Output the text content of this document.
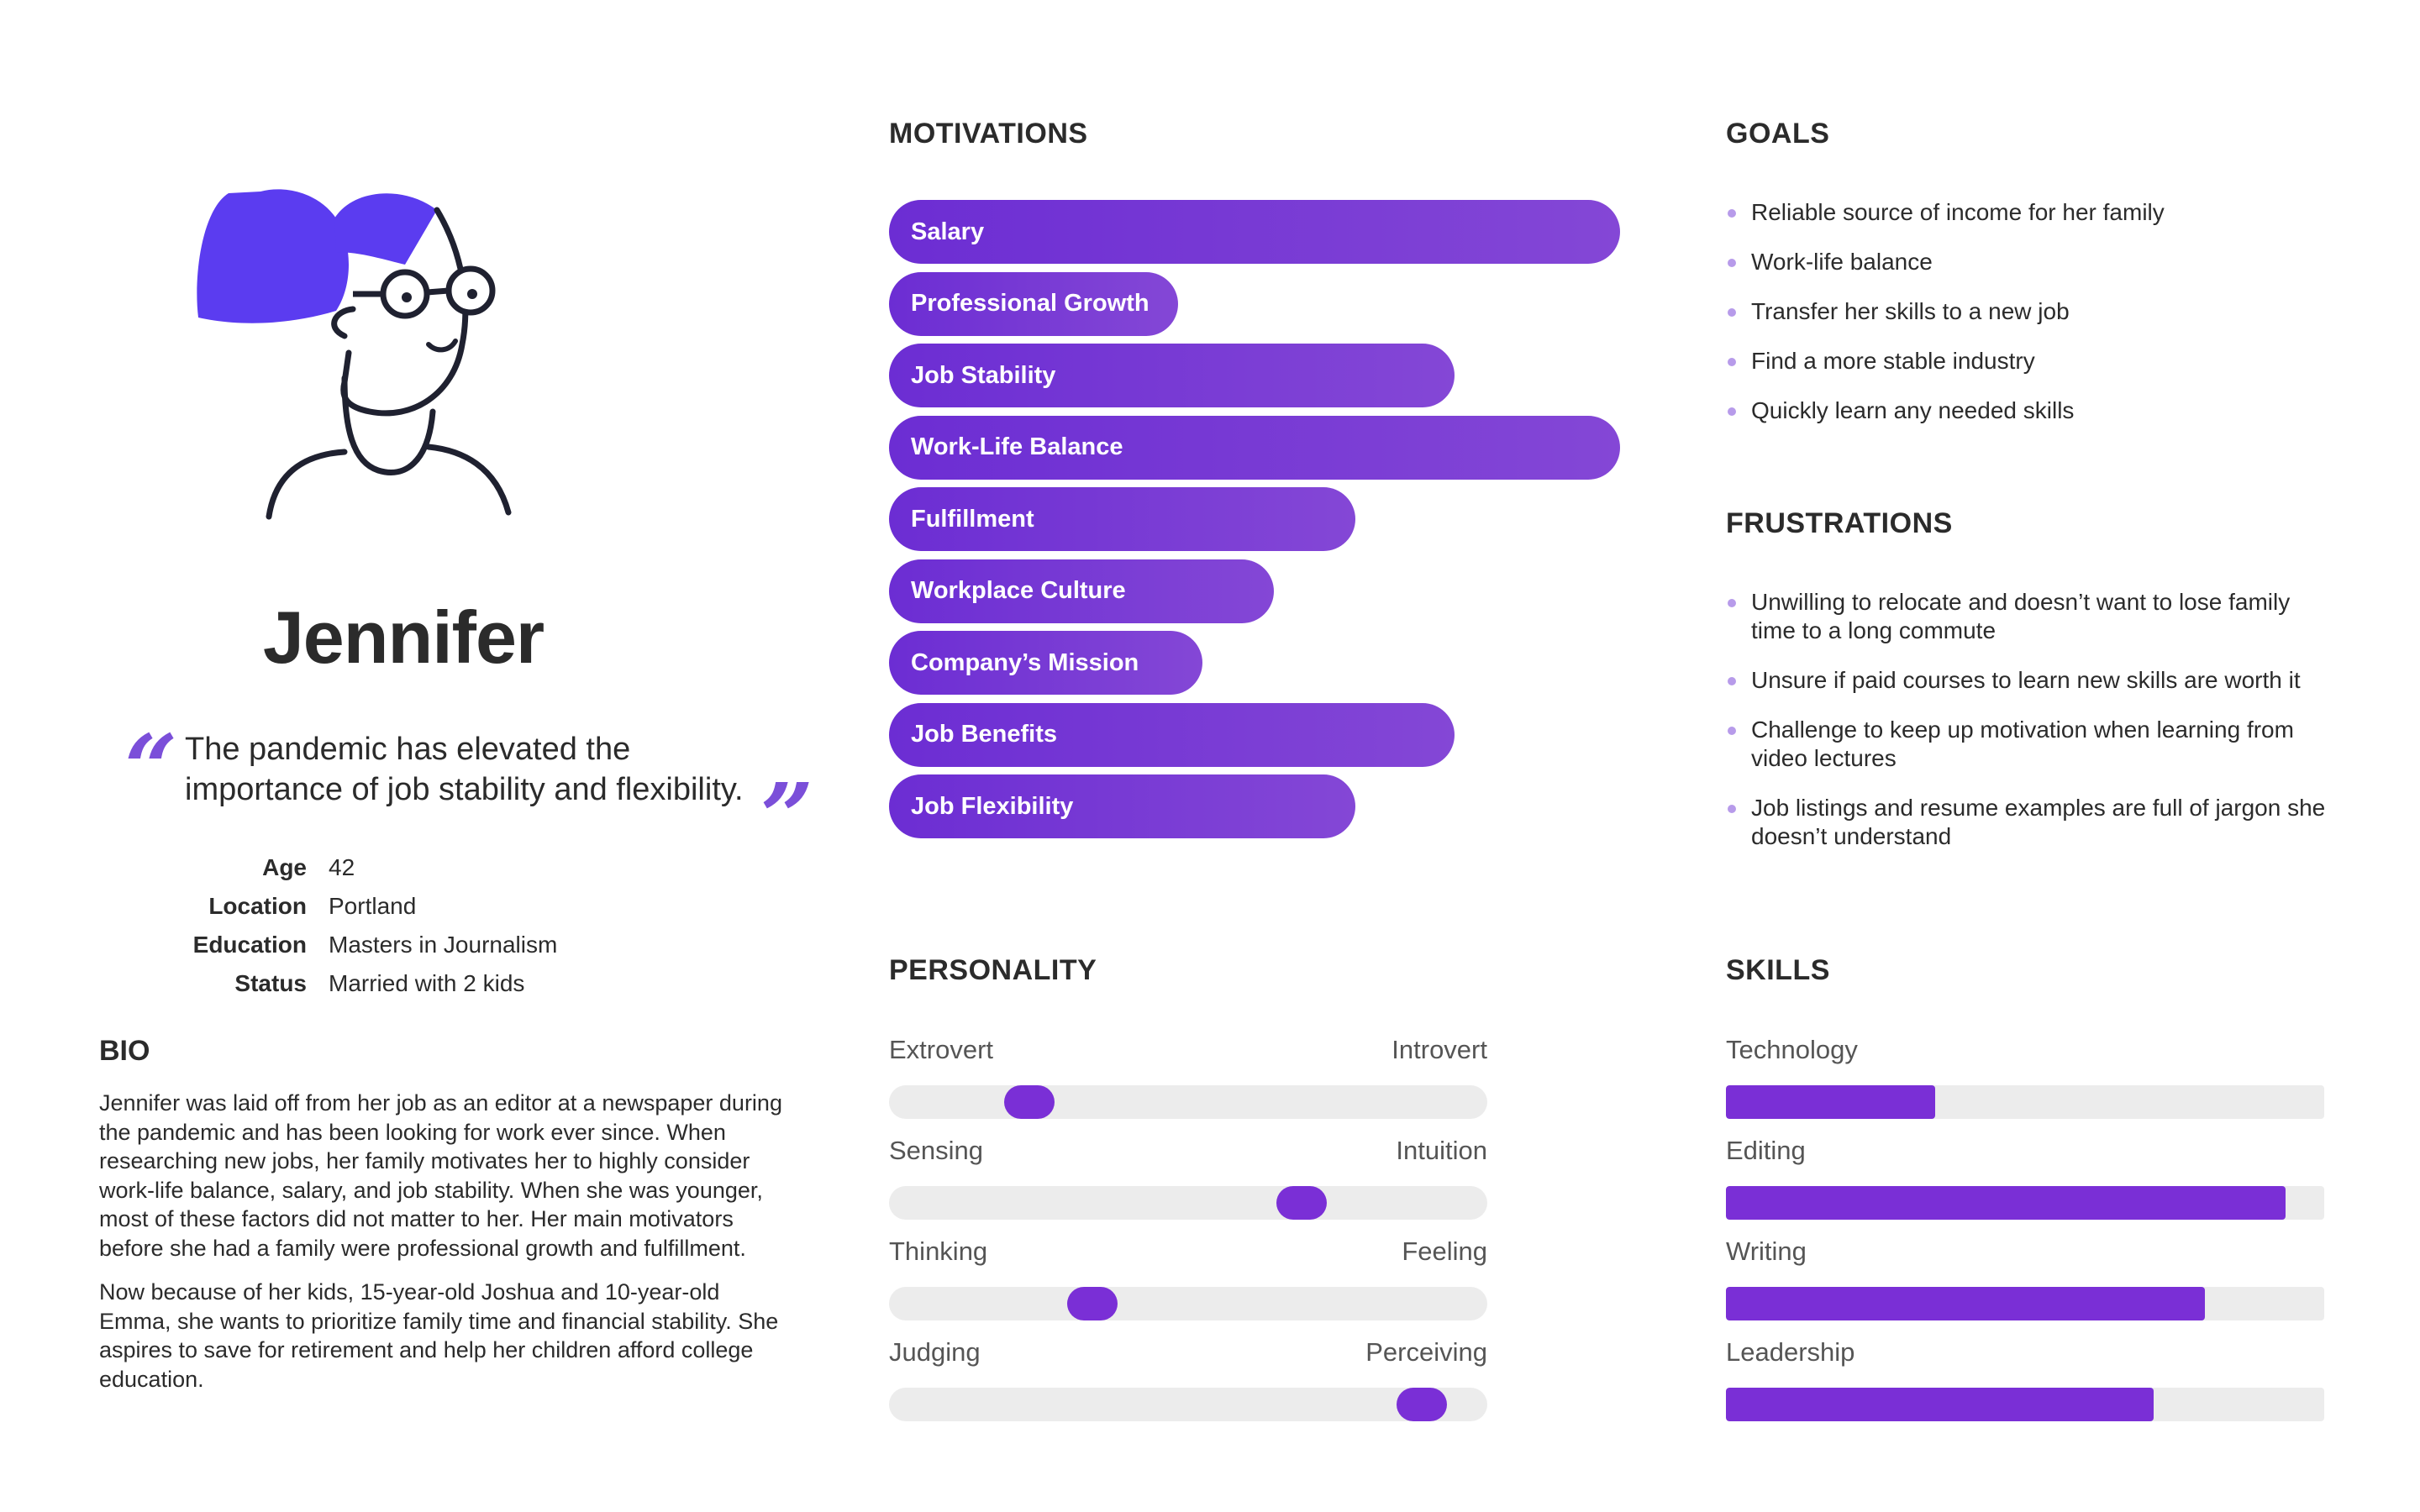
Jennifer
“ The pandemic has elevated the importance of job stability and flexibility. ”
Age 42
Location Portland
Education Masters in Journalism
Status Married with 2 kids
BIO

Jennifer was laid off from her job as an editor at a newspaper during the pandemic and has been looking for work ever since. When researching new jobs, her family motivates her to highly consider work-life balance, salary, and job stability. When she was younger, most of these factors did not matter to her. Her main motivators before she had a family were professional growth and fulfillment.

Now because of her kids, 15-year-old Joshua and 10-year-old Emma, she wants to prioritize family time and financial stability. She aspires to save for retirement and help her children afford college education.

MOTIVATIONS
Salary
Professional Growth
Job Stability
Work-Life Balance
Fulfillment
Workplace Culture
Company’s Mission
Job Benefits
Job Flexibility
GOALS
Reliable source of income for her family
Work-life balance
Transfer her skills to a new job
Find a more stable industry
Quickly learn any needed skills
FRUSTRATIONS
Unwilling to relocate and doesn’t want to lose family time to a long commute
Unsure if paid courses to learn new skills are worth it
Challenge to keep up motivation when learning from video lectures
Job listings and resume examples are full of jargon she doesn’t understand
PERSONALITY
Extrovert	Introvert
Sensing	Intuition
Thinking	Feeling
Judging	Perceiving
SKILLS
Technology
Editing
Writing
Leadership
